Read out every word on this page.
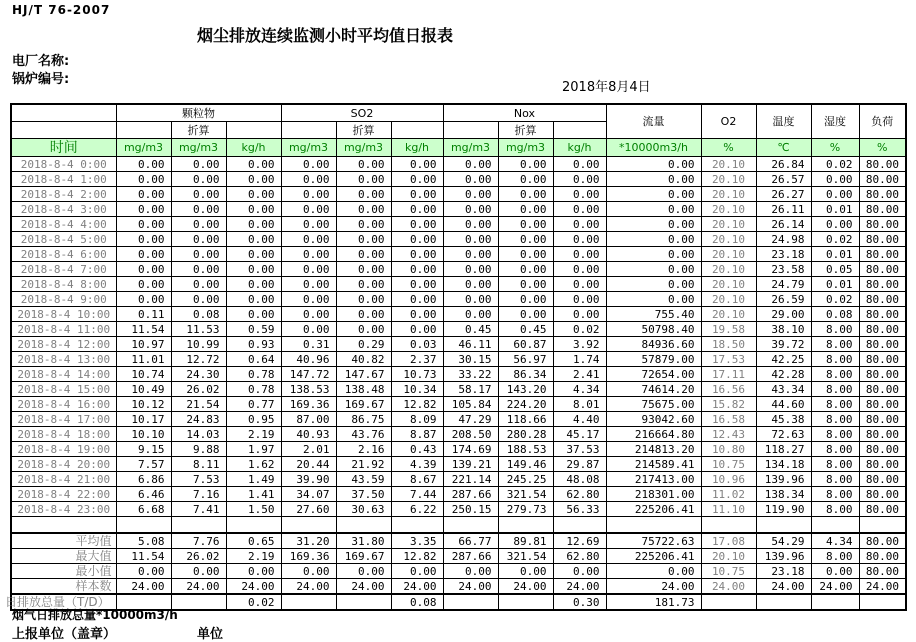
HJ/T 76-2007
烟尘排放连续监测小时平均值日报表
电厂名称:
锅炉编号:
2018年8月4日
	颗粒物			SO2			Nox			流量	O2	温度	湿度	负荷
		折算			折算			折算						
时间	mg/m3	mg/m3	kg/h	mg/m3	mg/m3	kg/h	mg/m3	mg/m3	kg/h	*10000m3/h	%	℃	%	%
2018-8-4 0:00	0.00	0.00	0.00	0.00	0.00	0.00	0.00	0.00	0.00	0.00	20.10	26.84	0.02	80.00
2018-8-4 1:00	0.00	0.00	0.00	0.00	0.00	0.00	0.00	0.00	0.00	0.00	20.10	26.57	0.00	80.00
2018-8-4 2:00	0.00	0.00	0.00	0.00	0.00	0.00	0.00	0.00	0.00	0.00	20.10	26.27	0.00	80.00
2018-8-4 3:00	0.00	0.00	0.00	0.00	0.00	0.00	0.00	0.00	0.00	0.00	20.10	26.11	0.01	80.00
2018-8-4 4:00	0.00	0.00	0.00	0.00	0.00	0.00	0.00	0.00	0.00	0.00	20.10	26.14	0.00	80.00
2018-8-4 5:00	0.00	0.00	0.00	0.00	0.00	0.00	0.00	0.00	0.00	0.00	20.10	24.98	0.02	80.00
2018-8-4 6:00	0.00	0.00	0.00	0.00	0.00	0.00	0.00	0.00	0.00	0.00	20.10	23.18	0.01	80.00
2018-8-4 7:00	0.00	0.00	0.00	0.00	0.00	0.00	0.00	0.00	0.00	0.00	20.10	23.58	0.05	80.00
2018-8-4 8:00	0.00	0.00	0.00	0.00	0.00	0.00	0.00	0.00	0.00	0.00	20.10	24.79	0.01	80.00
2018-8-4 9:00	0.00	0.00	0.00	0.00	0.00	0.00	0.00	0.00	0.00	0.00	20.10	26.59	0.02	80.00
2018-8-4 10:00	0.11	0.08	0.00	0.00	0.00	0.00	0.00	0.00	0.00	755.40	20.10	29.00	0.08	80.00
2018-8-4 11:00	11.54	11.53	0.59	0.00	0.00	0.00	0.45	0.45	0.02	50798.40	19.58	38.10	8.00	80.00
2018-8-4 12:00	10.97	10.99	0.93	0.31	0.29	0.03	46.11	60.87	3.92	84936.60	18.50	39.72	8.00	80.00
2018-8-4 13:00	11.01	12.72	0.64	40.96	40.82	2.37	30.15	56.97	1.74	57879.00	17.53	42.25	8.00	80.00
2018-8-4 14:00	10.74	24.30	0.78	147.72	147.67	10.73	33.22	86.34	2.41	72654.00	17.11	42.28	8.00	80.00
2018-8-4 15:00	10.49	26.02	0.78	138.53	138.48	10.34	58.17	143.20	4.34	74614.20	16.56	43.34	8.00	80.00
2018-8-4 16:00	10.12	21.54	0.77	169.36	169.67	12.82	105.84	224.20	8.01	75675.00	15.82	44.60	8.00	80.00
2018-8-4 17:00	10.17	24.83	0.95	87.00	86.75	8.09	47.29	118.66	4.40	93042.60	16.58	45.38	8.00	80.00
2018-8-4 18:00	10.10	14.03	2.19	40.93	43.76	8.87	208.50	280.28	45.17	216664.80	12.43	72.63	8.00	80.00
2018-8-4 19:00	9.15	9.88	1.97	2.01	2.16	0.43	174.69	188.53	37.53	214813.20	10.80	118.27	8.00	80.00
2018-8-4 20:00	7.57	8.11	1.62	20.44	21.92	4.39	139.21	149.46	29.87	214589.41	10.75	134.18	8.00	80.00
2018-8-4 21:00	6.86	7.53	1.49	39.90	43.59	8.67	221.14	245.25	48.08	217413.00	10.96	139.96	8.00	80.00
2018-8-4 22:00	6.46	7.16	1.41	34.07	37.50	7.44	287.66	321.54	62.80	218301.00	11.02	138.34	8.00	80.00
2018-8-4 23:00	6.68	7.41	1.50	27.60	30.63	6.22	250.15	279.73	56.33	225206.41	11.10	119.90	8.00	80.00

平均值	5.08	7.76	0.65	31.20	31.80	3.35	66.77	89.81	12.69	75722.63	17.08	54.29	4.34	80.00
最大值	11.54	26.02	2.19	169.36	169.67	12.82	287.66	321.54	62.80	225206.41	20.10	139.96	8.00	80.00
最小值	0.00	0.00	0.00	0.00	0.00	0.00	0.00	0.00	0.00	0.00	10.75	23.18	0.00	80.00
样本数	24.00	24.00	24.00	24.00	24.00	24.00	24.00	24.00	24.00	24.00	24.00	24.00	24.00	24.00
日排放总量（T/D）			0.02			0.08			0.30	181.73				
烟气日排放总量*10000m3/h
上报单位（盖章）	单位
